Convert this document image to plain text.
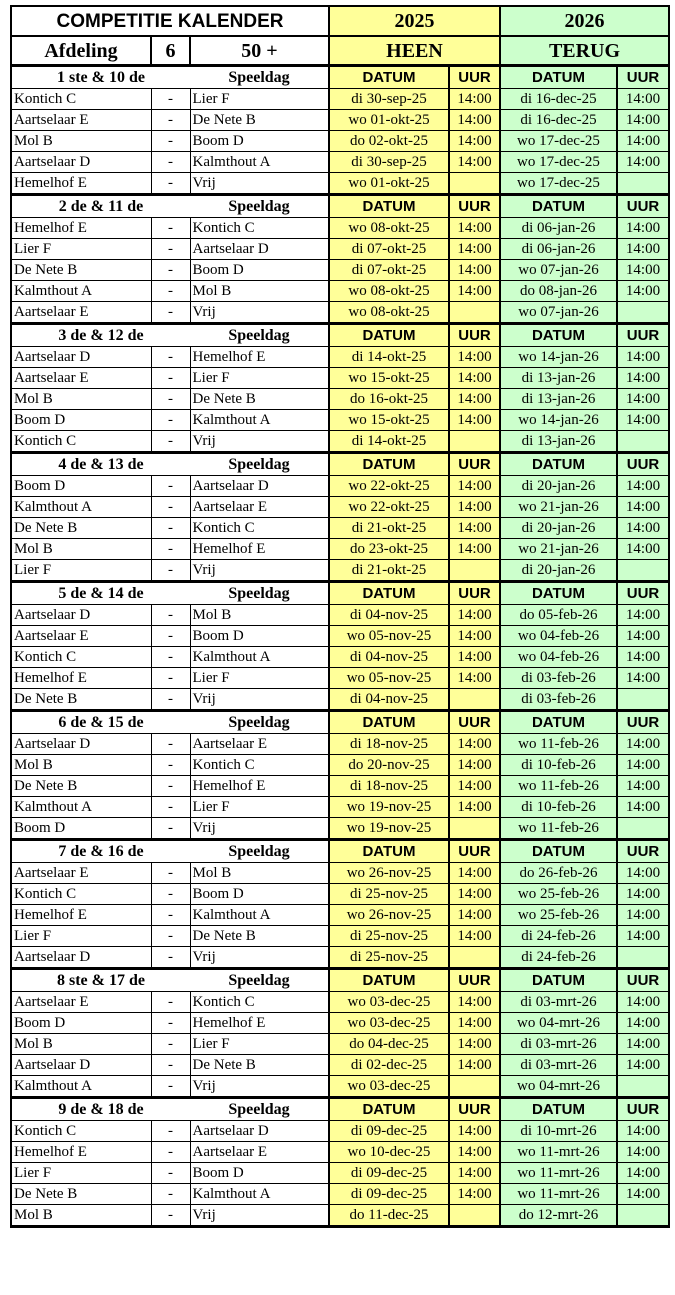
COMPETITIE KALENDER			2025		2026	
Afdeling	6	50 +	HEEN		TERUG	
1 ste & 10 de		Speeldag	DATUM	UUR	DATUM	UUR
Kontich C	-	Lier F	di 30-sep-25	14:00	di 16-dec-25	14:00
Aartselaar E	-	De Nete B	wo 01-okt-25	14:00	di 16-dec-25	14:00
Mol B	-	Boom D	do 02-okt-25	14:00	wo 17-dec-25	14:00
Aartselaar D	-	Kalmthout A	di 30-sep-25	14:00	wo 17-dec-25	14:00
Hemelhof E	-	Vrij	wo 01-okt-25		wo 17-dec-25	
2 de & 11 de		Speeldag	DATUM	UUR	DATUM	UUR
Hemelhof E	-	Kontich C	wo 08-okt-25	14:00	di 06-jan-26	14:00
Lier F	-	Aartselaar D	di 07-okt-25	14:00	di 06-jan-26	14:00
De Nete B	-	Boom D	di 07-okt-25	14:00	wo 07-jan-26	14:00
Kalmthout A	-	Mol B	wo 08-okt-25	14:00	do 08-jan-26	14:00
Aartselaar E	-	Vrij	wo 08-okt-25		wo 07-jan-26	
3 de & 12 de		Speeldag	DATUM	UUR	DATUM	UUR
Aartselaar D	-	Hemelhof E	di 14-okt-25	14:00	wo 14-jan-26	14:00
Aartselaar E	-	Lier F	wo 15-okt-25	14:00	di 13-jan-26	14:00
Mol B	-	De Nete B	do 16-okt-25	14:00	di 13-jan-26	14:00
Boom D	-	Kalmthout A	wo 15-okt-25	14:00	wo 14-jan-26	14:00
Kontich C	-	Vrij	di 14-okt-25		di 13-jan-26	
4 de & 13 de		Speeldag	DATUM	UUR	DATUM	UUR
Boom D	-	Aartselaar D	wo 22-okt-25	14:00	di 20-jan-26	14:00
Kalmthout A	-	Aartselaar E	wo 22-okt-25	14:00	wo 21-jan-26	14:00
De Nete B	-	Kontich C	di 21-okt-25	14:00	di 20-jan-26	14:00
Mol B	-	Hemelhof E	do 23-okt-25	14:00	wo 21-jan-26	14:00
Lier F	-	Vrij	di 21-okt-25		di 20-jan-26	
5 de & 14 de		Speeldag	DATUM	UUR	DATUM	UUR
Aartselaar D	-	Mol B	di 04-nov-25	14:00	do 05-feb-26	14:00
Aartselaar E	-	Boom D	wo 05-nov-25	14:00	wo 04-feb-26	14:00
Kontich C	-	Kalmthout A	di 04-nov-25	14:00	wo 04-feb-26	14:00
Hemelhof E	-	Lier F	wo 05-nov-25	14:00	di 03-feb-26	14:00
De Nete B	-	Vrij	di 04-nov-25		di 03-feb-26	
6 de & 15 de		Speeldag	DATUM	UUR	DATUM	UUR
Aartselaar D	-	Aartselaar E	di 18-nov-25	14:00	wo 11-feb-26	14:00
Mol B	-	Kontich C	do 20-nov-25	14:00	di 10-feb-26	14:00
De Nete B	-	Hemelhof E	di 18-nov-25	14:00	wo 11-feb-26	14:00
Kalmthout A	-	Lier F	wo 19-nov-25	14:00	di 10-feb-26	14:00
Boom D	-	Vrij	wo 19-nov-25		wo 11-feb-26	
7 de & 16 de		Speeldag	DATUM	UUR	DATUM	UUR
Aartselaar E	-	Mol B	wo 26-nov-25	14:00	do 26-feb-26	14:00
Kontich C	-	Boom D	di 25-nov-25	14:00	wo 25-feb-26	14:00
Hemelhof E	-	Kalmthout A	wo 26-nov-25	14:00	wo 25-feb-26	14:00
Lier F	-	De Nete B	di 25-nov-25	14:00	di 24-feb-26	14:00
Aartselaar D	-	Vrij	di 25-nov-25		di 24-feb-26	
8 ste & 17 de		Speeldag	DATUM	UUR	DATUM	UUR
Aartselaar E	-	Kontich C	wo 03-dec-25	14:00	di 03-mrt-26	14:00
Boom D	-	Hemelhof E	wo 03-dec-25	14:00	wo 04-mrt-26	14:00
Mol B	-	Lier F	do 04-dec-25	14:00	di 03-mrt-26	14:00
Aartselaar D	-	De Nete B	di 02-dec-25	14:00	di 03-mrt-26	14:00
Kalmthout A	-	Vrij	wo 03-dec-25		wo 04-mrt-26	
9 de & 18 de		Speeldag	DATUM	UUR	DATUM	UUR
Kontich C	-	Aartselaar D	di 09-dec-25	14:00	di 10-mrt-26	14:00
Hemelhof E	-	Aartselaar E	wo 10-dec-25	14:00	wo 11-mrt-26	14:00
Lier F	-	Boom D	di 09-dec-25	14:00	wo 11-mrt-26	14:00
De Nete B	-	Kalmthout A	di 09-dec-25	14:00	wo 11-mrt-26	14:00
Mol B	-	Vrij	do 11-dec-25		do 12-mrt-26	
